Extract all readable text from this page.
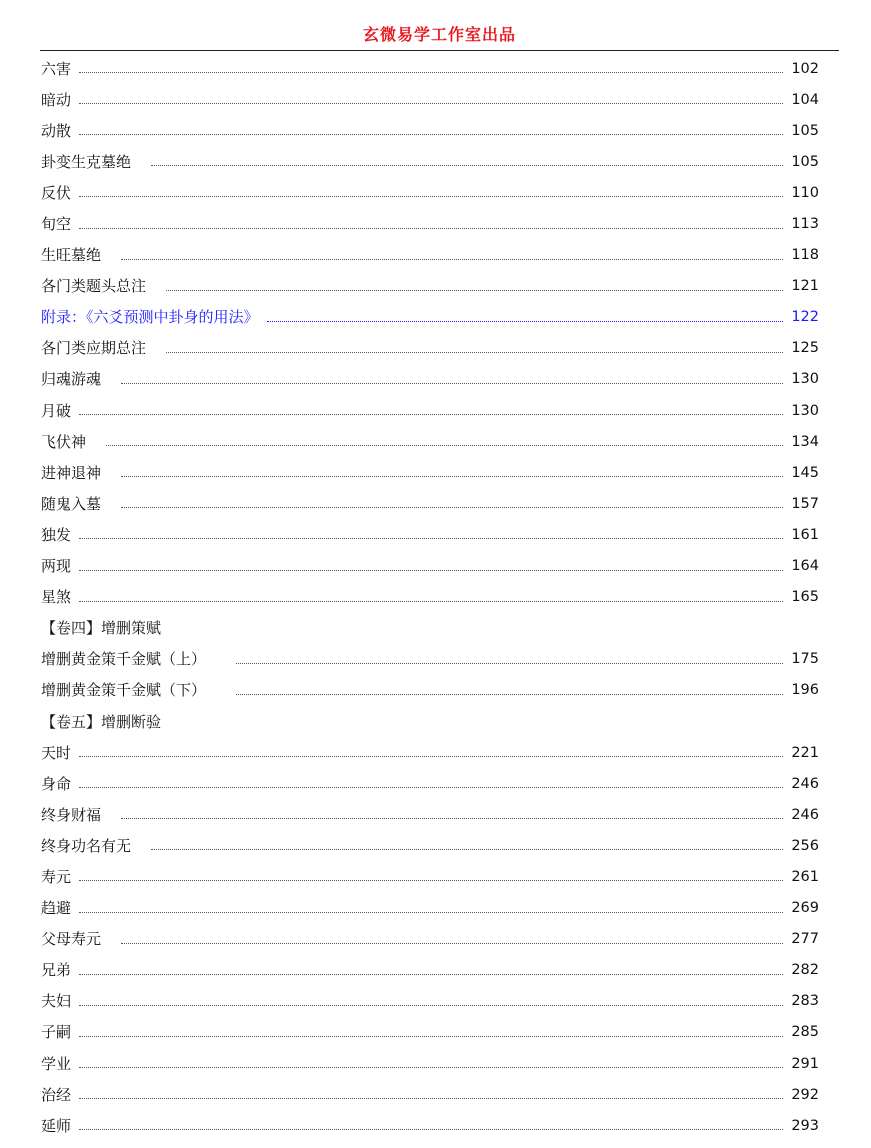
玄微易学工作室出品
六害	102
暗动	104
动散	105
卦变生克墓绝	105
反伏	110
旬空	113
生旺墓绝	118
各门类题头总注	121
附录：《六爻预测中卦身的用法》	122
各门类应期总注	125
归魂游魂	130
月破	130
飞伏神	134
进神退神	145
随鬼入墓	157
独发	161
两现	164
星煞	165
【卷四】增删策赋
增删黄金策千金赋（上）	175
增删黄金策千金赋（下）	196
【卷五】增删断验
天时	221
身命	246
终身财福	246
终身功名有无	256
寿元	261
趋避	269
父母寿元	277
兄弟	282
夫妇	283
子嗣	285
学业	291
治经	292
延师	293
